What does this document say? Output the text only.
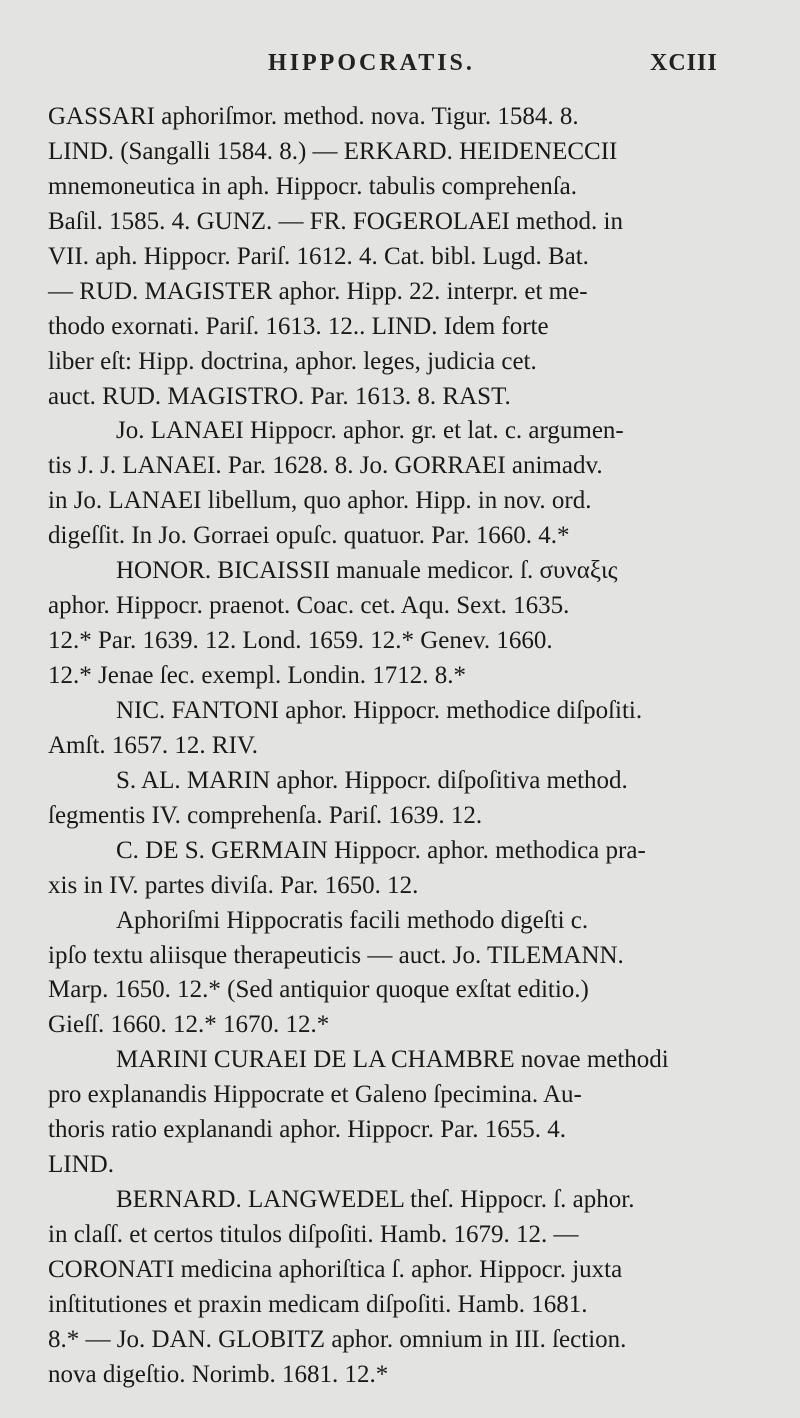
HIPPOCRATIS.	XCIII
GASSARI aphoriſmor. method. nova. Tigur. 1584. 8.
LIND. (Sangalli 1584. 8.) — ERKARD. HEIDENECCII
mnemoneutica in aph. Hippocr. tabulis comprehenſa.
Baſil. 1585. 4. GUNZ. — FR. FOGEROLAEI method. in
VII. aph. Hippocr. Pariſ. 1612. 4. Cat. bibl. Lugd. Bat.
— RUD. MAGISTER aphor. Hipp. 22. interpr. et me-
thodo exornati. Pariſ. 1613. 12.. LIND. Idem forte
liber eſt: Hipp. doctrina, aphor. leges, judicia cet.
auct. RUD. MAGISTRO. Par. 1613. 8. RAST.
Jo. LANAEI Hippocr. aphor. gr. et lat. c. argumen-
tis J. J. LANAEI. Par. 1628. 8. Jo. GORRAEI animadv.
in Jo. LANAEI libellum, quo aphor. Hipp. in nov. ord.
digeſſit. In Jo. Gorraei opuſc. quatuor. Par. 1660. 4.*
HONOR. BICAISSII manuale medicor. ſ. συναξις
aphor. Hippocr. praenot. Coac. cet. Aqu. Sext. 1635.
12.* Par. 1639. 12. Lond. 1659. 12.* Genev. 1660.
12.* Jenae ſec. exempl. Londin. 1712. 8.*
NIC. FANTONI aphor. Hippocr. methodice diſpoſiti.
Amſt. 1657. 12. RIV.
S. AL. MARIN aphor. Hippocr. diſpoſitiva method.
ſegmentis IV. comprehenſa. Pariſ. 1639. 12.
C. DE S. GERMAIN Hippocr. aphor. methodica pra-
xis in IV. partes diviſa. Par. 1650. 12.
Aphoriſmi Hippocratis facili methodo digeſti c.
ipſo textu aliisque therapeuticis — auct. Jo. TILEMANN.
Marp. 1650. 12.* (Sed antiquior quoque exſtat editio.)
Gieſſ. 1660. 12.* 1670. 12.*
MARINI CURAEI DE LA CHAMBRE novae methodi
pro explanandis Hippocrate et Galeno ſpecimina. Au-
thoris ratio explanandi aphor. Hippocr. Par. 1655. 4.
LIND.
BERNARD. LANGWEDEL theſ. Hippocr. ſ. aphor.
in claſſ. et certos titulos diſpoſiti. Hamb. 1679. 12. —
CORONATI medicina aphoriſtica ſ. aphor. Hippocr. juxta
inſtitutiones et praxin medicam diſpoſiti. Hamb. 1681.
8.* — Jo. DAN. GLOBITZ aphor. omnium in III. ſection.
nova digeſtio. Norimb. 1681. 12.*
